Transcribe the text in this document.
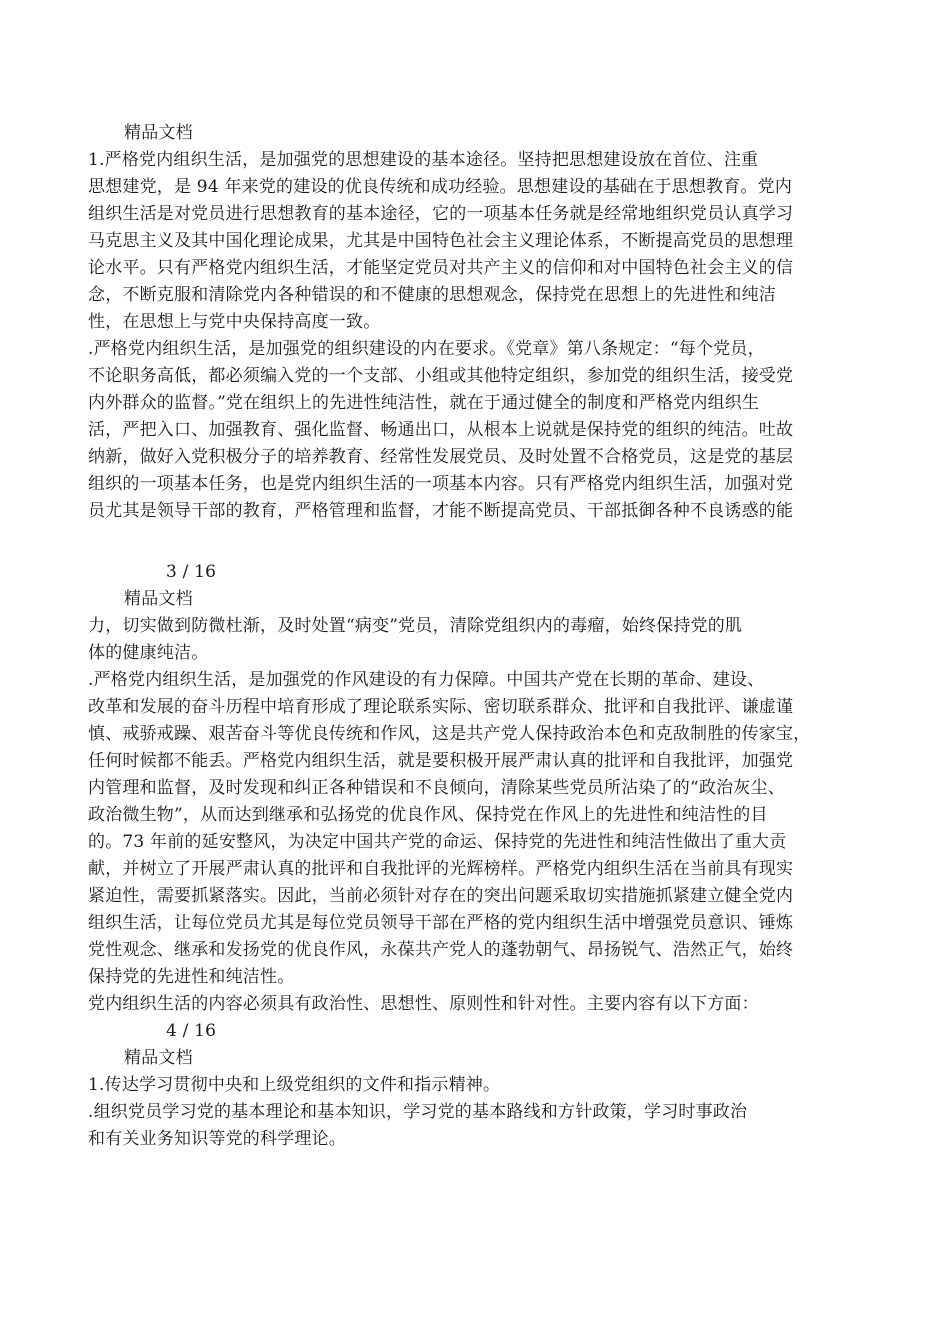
精品文档
1.严格党内组织生活，是加强党的思想建设的基本途径。坚持把思想建设放在首位、注重
思想建党，是 94 年来党的建设的优良传统和成功经验。思想建设的基础在于思想教育。党内
组织生活是对党员进行思想教育的基本途径，它的一项基本任务就是经常地组织党员认真学习
马克思主义及其中国化理论成果，尤其是中国特色社会主义理论体系，不断提高党员的思想理
论水平。只有严格党内组织生活，才能坚定党员对共产主义的信仰和对中国特色社会主义的信
念，不断克服和清除党内各种错误的和不健康的思想观念，保持党在思想上的先进性和纯洁
性，在思想上与党中央保持高度一致。
.严格党内组织生活，是加强党的组织建设的内在要求。《党章》第八条规定：“每个党员，
不论职务高低，都必须编入党的一个支部、小组或其他特定组织，参加党的组织生活，接受党
内外群众的监督。”党在组织上的先进性纯洁性，就在于通过健全的制度和严格党内组织生
活，严把入口、加强教育、强化监督、畅通出口，从根本上说就是保持党的组织的纯洁。吐故
纳新，做好入党积极分子的培养教育、经常性发展党员、及时处置不合格党员，这是党的基层
组织的一项基本任务，也是党内组织生活的一项基本内容。只有严格党内组织生活，加强对党
员尤其是领导干部的教育，严格管理和监督，才能不断提高党员、干部抵御各种不良诱惑的能
3 / 16
精品文档
力，切实做到防微杜渐，及时处置“病变”党员，清除党组织内的毒瘤，始终保持党的肌
体的健康纯洁。
.严格党内组织生活，是加强党的作风建设的有力保障。中国共产党在长期的革命、建设、
改革和发展的奋斗历程中培育形成了理论联系实际、密切联系群众、批评和自我批评、谦虚谨
慎、戒骄戒躁、艰苦奋斗等优良传统和作风，这是共产党人保持政治本色和克敌制胜的传家宝，
任何时候都不能丢。严格党内组织生活，就是要积极开展严肃认真的批评和自我批评，加强党
内管理和监督，及时发现和纠正各种错误和不良倾向，清除某些党员所沾染了的“政治灰尘、
政治微生物”，从而达到继承和弘扬党的优良作风、保持党在作风上的先进性和纯洁性的目
的。73 年前的延安整风，为决定中国共产党的命运、保持党的先进性和纯洁性做出了重大贡
献，并树立了开展严肃认真的批评和自我批评的光辉榜样。严格党内组织生活在当前具有现实
紧迫性，需要抓紧落实。因此，当前必须针对存在的突出问题采取切实措施抓紧建立健全党内
组织生活，让每位党员尤其是每位党员领导干部在严格的党内组织生活中增强党员意识、锤炼
党性观念、继承和发扬党的优良作风，永葆共产党人的蓬勃朝气、昂扬锐气、浩然正气，始终
保持党的先进性和纯洁性。
党内组织生活的内容必须具有政治性、思想性、原则性和针对性。主要内容有以下方面：
4 / 16
精品文档
1.传达学习贯彻中央和上级党组织的文件和指示精神。
.组织党员学习党的基本理论和基本知识，学习党的基本路线和方针政策，学习时事政治
和有关业务知识等党的科学理论。
